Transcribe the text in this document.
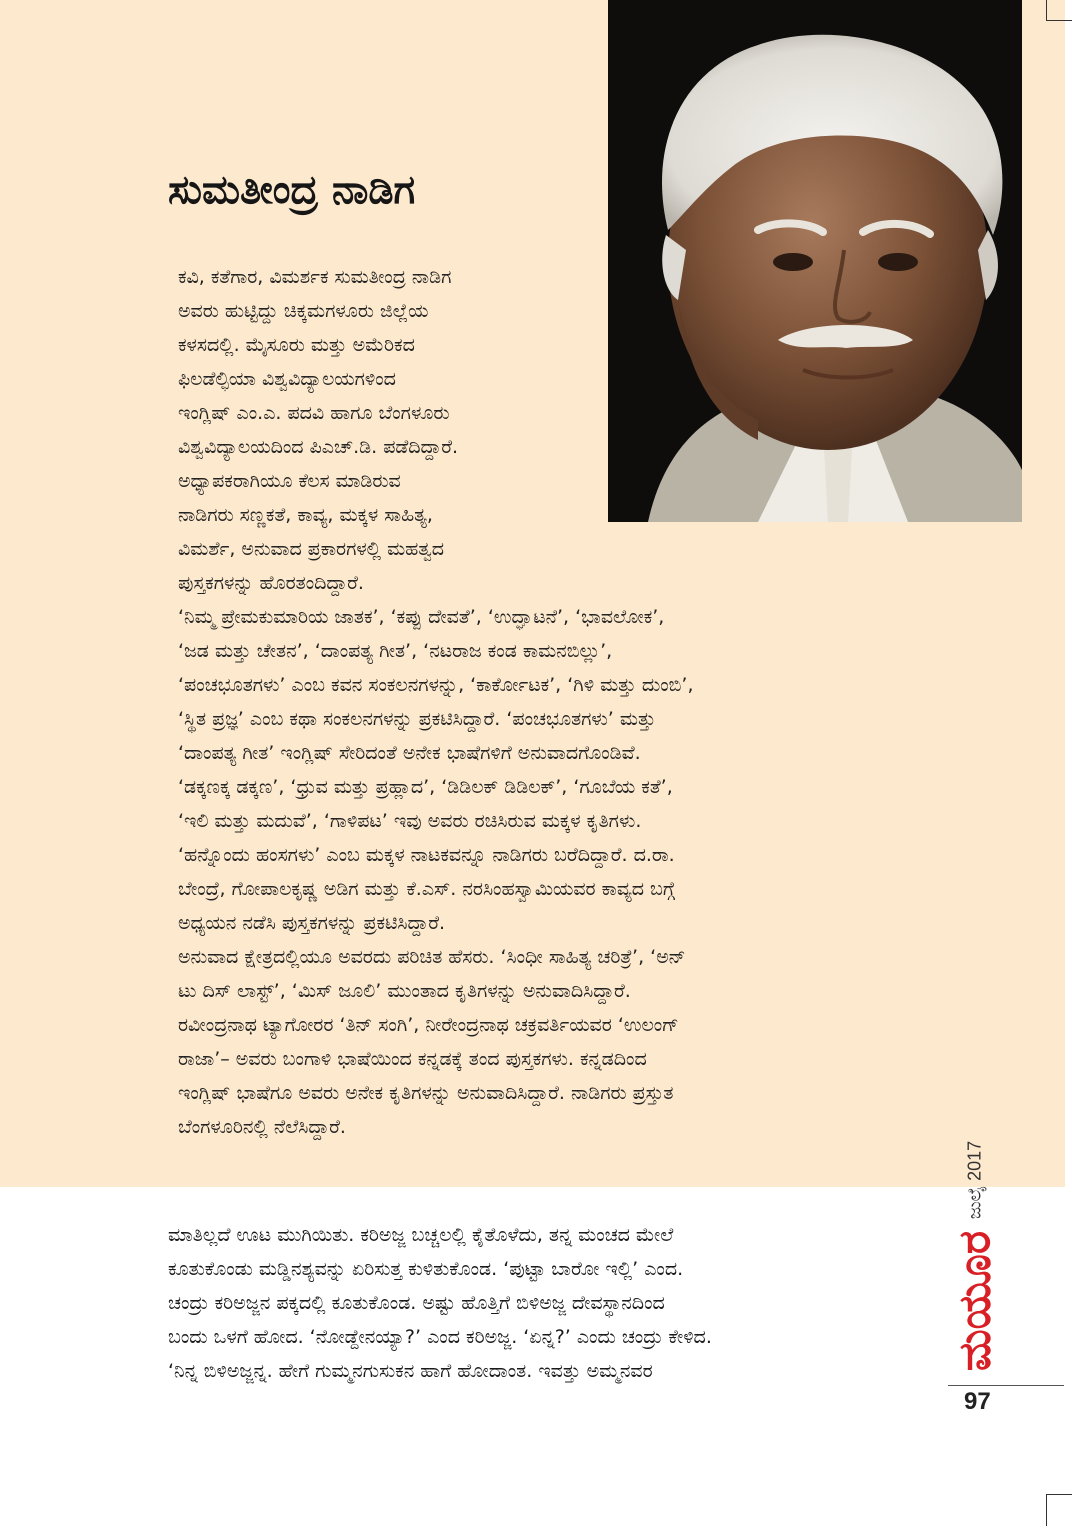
ಸುಮತೀಂದ್ರ ನಾಡಿಗ

ಕವಿ, ಕತೆಗಾರ, ವಿಮರ್ಶಕ ಸುಮತೀಂದ್ರ ನಾಡಿಗ

ಅವರು ಹುಟ್ಟಿದ್ದು ಚಿಕ್ಕಮಗಳೂರು ಜಿಲ್ಲೆಯ

ಕಳಸದಲ್ಲಿ. ಮೈಸೂರು ಮತ್ತು ಅಮೆರಿಕದ

ಫಿಲಡೆಲ್ಫಿಯಾ ವಿಶ್ವವಿದ್ಯಾಲಯಗಳಿಂದ

ಇಂಗ್ಲಿಷ್ ಎಂ.ಎ. ಪದವಿ ಹಾಗೂ ಬೆಂಗಳೂರು

ವಿಶ್ವವಿದ್ಯಾಲಯದಿಂದ ಪಿಎಚ್.ಡಿ. ಪಡೆದಿದ್ದಾರೆ.

ಅಧ್ಯಾಪಕರಾಗಿಯೂ ಕೆಲಸ ಮಾಡಿರುವ

ನಾಡಿಗರು ಸಣ್ಣಕತೆ, ಕಾವ್ಯ, ಮಕ್ಕಳ ಸಾಹಿತ್ಯ,

ವಿಮರ್ಶೆ, ಅನುವಾದ ಪ್ರಕಾರಗಳಲ್ಲಿ ಮಹತ್ವದ

ಪುಸ್ತಕಗಳನ್ನು ಹೊರತಂದಿದ್ದಾರೆ.

‘ನಿಮ್ಮ ಪ್ರೇಮಕುಮಾರಿಯ ಜಾತಕ’, ‘ಕಪ್ಪು ದೇವತೆ’, ‘ಉದ್ಘಾಟನೆ’, ‘ಭಾವಲೋಕ’,

‘ಜಡ ಮತ್ತು ಚೇತನ’, ‘ದಾಂಪತ್ಯ ಗೀತ’, ‘ನಟರಾಜ ಕಂಡ ಕಾಮನಬಿಲ್ಲು’,

‘ಪಂಚಭೂತಗಳು’ ಎಂಬ ಕವನ ಸಂಕಲನಗಳನ್ನು, ‘ಕಾರ್ಕೋಟಕ’, ‘ಗಿಳಿ ಮತ್ತು ದುಂಬಿ’,

‘ಸ್ಥಿತ ಪ್ರಜ್ಞ’ ಎಂಬ ಕಥಾ ಸಂಕಲನಗಳನ್ನು ಪ್ರಕಟಿಸಿದ್ದಾರೆ. ‘ಪಂಚಭೂತಗಳು’ ಮತ್ತು

‘ದಾಂಪತ್ಯ ಗೀತ’ ಇಂಗ್ಲಿಷ್ ಸೇರಿದಂತೆ ಅನೇಕ ಭಾಷೆಗಳಿಗೆ ಅನುವಾದಗೊಂಡಿವೆ.

‘ಡಕ್ಕಣಕ್ಕ ಡಕ್ಕಣ’, ‘ಧ್ರುವ ಮತ್ತು ಪ್ರಹ್ಲಾದ’, ‘ಡಿಡಿಲಕ್ ಡಿಡಿಲಕ್’, ‘ಗೂಬೆಯ ಕತೆ’,

‘ಇಲಿ ಮತ್ತು ಮದುವೆ’, ‘ಗಾಳಿಪಟ’ ಇವು ಅವರು ರಚಿಸಿರುವ ಮಕ್ಕಳ ಕೃತಿಗಳು.

‘ಹನ್ನೊಂದು ಹಂಸಗಳು’ ಎಂಬ ಮಕ್ಕಳ ನಾಟಕವನ್ನೂ ನಾಡಿಗರು ಬರೆದಿದ್ದಾರೆ. ದ.ರಾ.

ಬೇಂದ್ರೆ, ಗೋಪಾಲಕೃಷ್ಣ ಅಡಿಗ ಮತ್ತು ಕೆ.ಎಸ್. ನರಸಿಂಹಸ್ವಾಮಿಯವರ ಕಾವ್ಯದ ಬಗ್ಗೆ

ಅಧ್ಯಯನ ನಡೆಸಿ ಪುಸ್ತಕಗಳನ್ನು ಪ್ರಕಟಿಸಿದ್ದಾರೆ.

ಅನುವಾದ ಕ್ಷೇತ್ರದಲ್ಲಿಯೂ ಅವರದು ಪರಿಚಿತ ಹೆಸರು. ‘ಸಿಂಧೀ ಸಾಹಿತ್ಯ ಚರಿತ್ರೆ’, ‘ಅನ್

ಟು ದಿಸ್ ಲಾಸ್ಟ್’, ‘ಮಿಸ್ ಜೂಲಿ’ ಮುಂತಾದ ಕೃತಿಗಳನ್ನು ಅನುವಾದಿಸಿದ್ದಾರೆ.

ರವೀಂದ್ರನಾಥ ಟ್ಯಾಗೋರರ ‘ತಿನ್ ಸಂಗಿ’, ನೀರೇಂದ್ರನಾಥ ಚಕ್ರವರ್ತಿಯವರ ‘ಉಲಂಗ್

ರಾಜಾ’– ಅವರು ಬಂಗಾಳಿ ಭಾಷೆಯಿಂದ ಕನ್ನಡಕ್ಕೆ ತಂದ ಪುಸ್ತಕಗಳು. ಕನ್ನಡದಿಂದ

ಇಂಗ್ಲಿಷ್ ಭಾಷೆಗೂ ಅವರು ಅನೇಕ ಕೃತಿಗಳನ್ನು ಅನುವಾದಿಸಿದ್ದಾರೆ. ನಾಡಿಗರು ಪ್ರಸ್ತುತ

ಬೆಂಗಳೂರಿನಲ್ಲಿ ನೆಲೆಸಿದ್ದಾರೆ.

ಮಾತಿಲ್ಲದೆ ಊಟ ಮುಗಿಯಿತು. ಕರಿಅಜ್ಜ ಬಚ್ಚಲಲ್ಲಿ ಕೈತೊಳೆದು, ತನ್ನ ಮಂಚದ ಮೇಲೆ

ಕೂತುಕೊಂಡು ಮಡ್ಡಿನಶ್ಯವನ್ನು ಏರಿಸುತ್ತ ಕುಳಿತುಕೊಂಡ. ‘ಪುಟ್ಟಾ ಬಾರೋ ಇಲ್ಲಿ’ ಎಂದ.

ಚಂದ್ರು ಕರಿಅಜ್ಜನ ಪಕ್ಕದಲ್ಲಿ ಕೂತುಕೊಂಡ. ಅಷ್ಟು ಹೊತ್ತಿಗೆ ಬಿಳಿಅಜ್ಜ ದೇವಸ್ಥಾನದಿಂದ

ಬಂದು ಒಳಗೆ ಹೋದ. ‘ನೋಡ್ದೇನಯ್ಯಾ?’ ಎಂದ ಕರಿಅಜ್ಜ. ‘ಏನ್ನ?’ ಎಂದು ಚಂದ್ರು ಕೇಳಿದ.

‘ನಿನ್ನ ಬಿಳಿಅಜ್ಜನ್ನ. ಹೇಗೆ ಗುಮ್ಮನಗುಸುಕನ ಹಾಗೆ ಹೋದಾಂತ. ಇವತ್ತು ಅಮ್ಮನವರ

ಜುಲೈ 2017
ಮಯೂರ
97
